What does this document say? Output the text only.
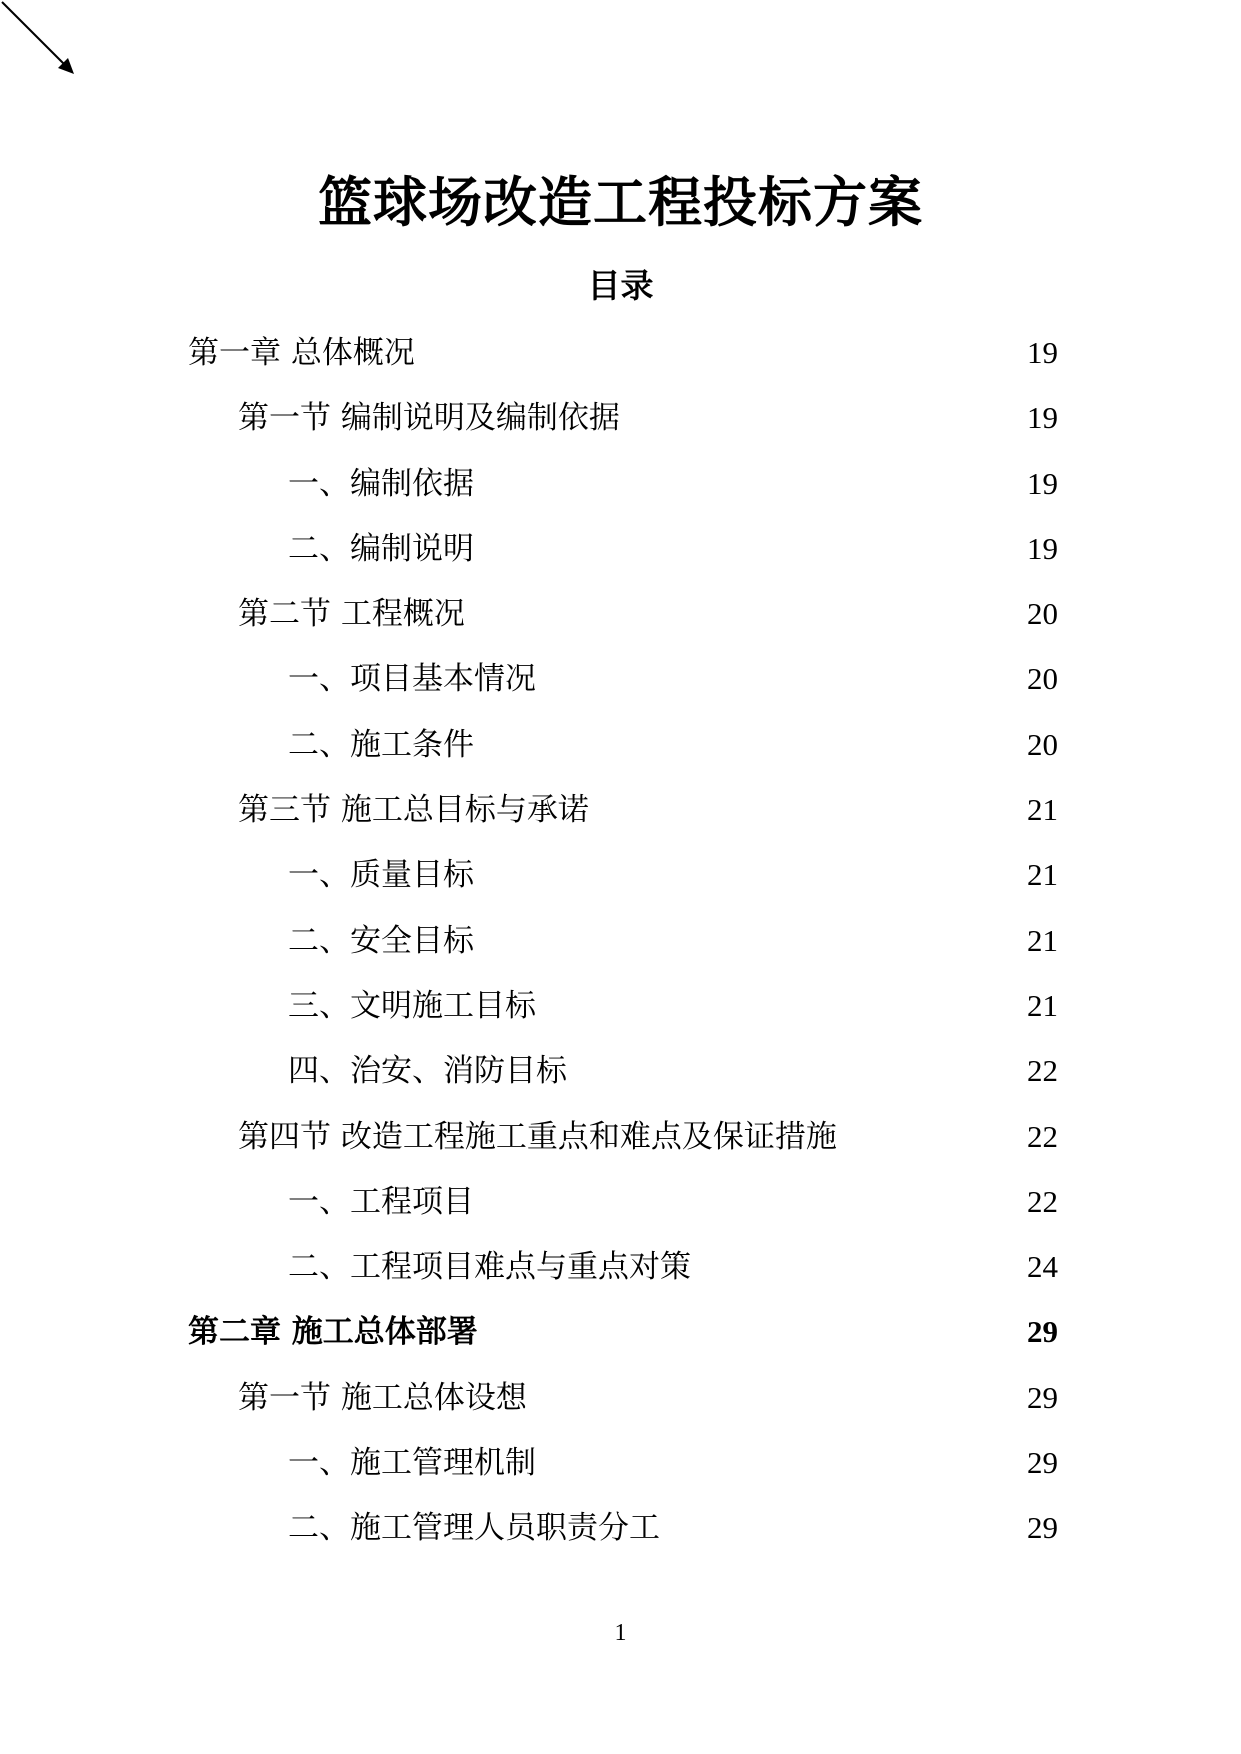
篮球场改造工程投标方案
目录
第一章 总体概况	19
第一节 编制说明及编制依据	19
一、编制依据	19
二、编制说明	19
第二节 工程概况	20
一、项目基本情况	20
二、施工条件	20
第三节 施工总目标与承诺	21
一、质量目标	21
二、安全目标	21
三、文明施工目标	21
四、治安、消防目标	22
第四节 改造工程施工重点和难点及保证措施	22
一、工程项目	22
二、工程项目难点与重点对策	24
第二章 施工总体部署	29
第一节 施工总体设想	29
一、施工管理机制	29
二、施工管理人员职责分工	29
1
